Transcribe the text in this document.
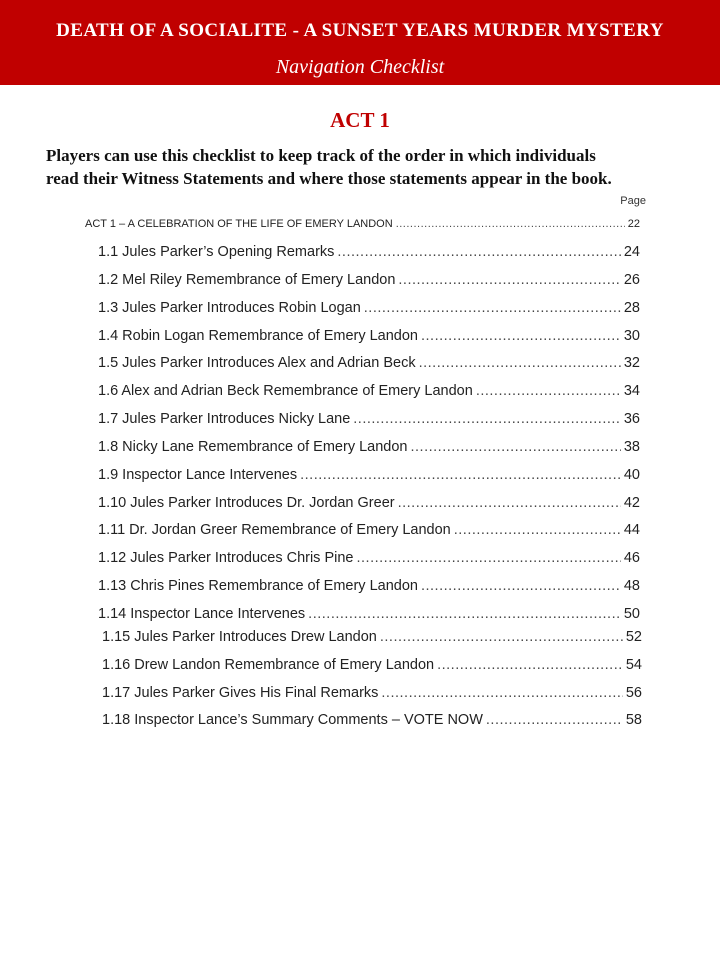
DEATH OF A SOCIALITE - A SUNSET YEARS MURDER MYSTERY
Navigation Checklist
ACT 1
Players can use this checklist to keep track of the order in which individuals
read their Witness Statements and where those statements appear in the book.
Page
ACT 1 – A CELEBRATION OF THE LIFE OF EMERY LANDON .....	22
1.1 Jules Parker’s Opening Remarks .....	24
1.2 Mel Riley Remembrance of Emery Landon .....	26
1.3 Jules Parker Introduces Robin Logan .....	28
1.4 Robin Logan Remembrance of Emery Landon .....	30
1.5 Jules Parker Introduces Alex and Adrian Beck .....	32
1.6 Alex and Adrian Beck Remembrance of Emery Landon .....	34
1.7 Jules Parker Introduces Nicky Lane .....	36
1.8 Nicky Lane Remembrance of Emery Landon .....	38
1.9 Inspector Lance Intervenes .....	40
1.10 Jules Parker Introduces Dr. Jordan Greer .....	42
1.11 Dr. Jordan Greer Remembrance of Emery Landon .....	44
1.12 Jules Parker Introduces Chris Pine .....	46
1.13 Chris Pines Remembrance of Emery Landon .....	48
1.14 Inspector Lance Intervenes .....	50
1.15 Jules Parker Introduces Drew Landon .....	52
1.16 Drew Landon Remembrance of Emery Landon .....	54
1.17 Jules Parker Gives His Final Remarks .....	56
1.18 Inspector Lance’s Summary Comments – VOTE NOW .....	58
